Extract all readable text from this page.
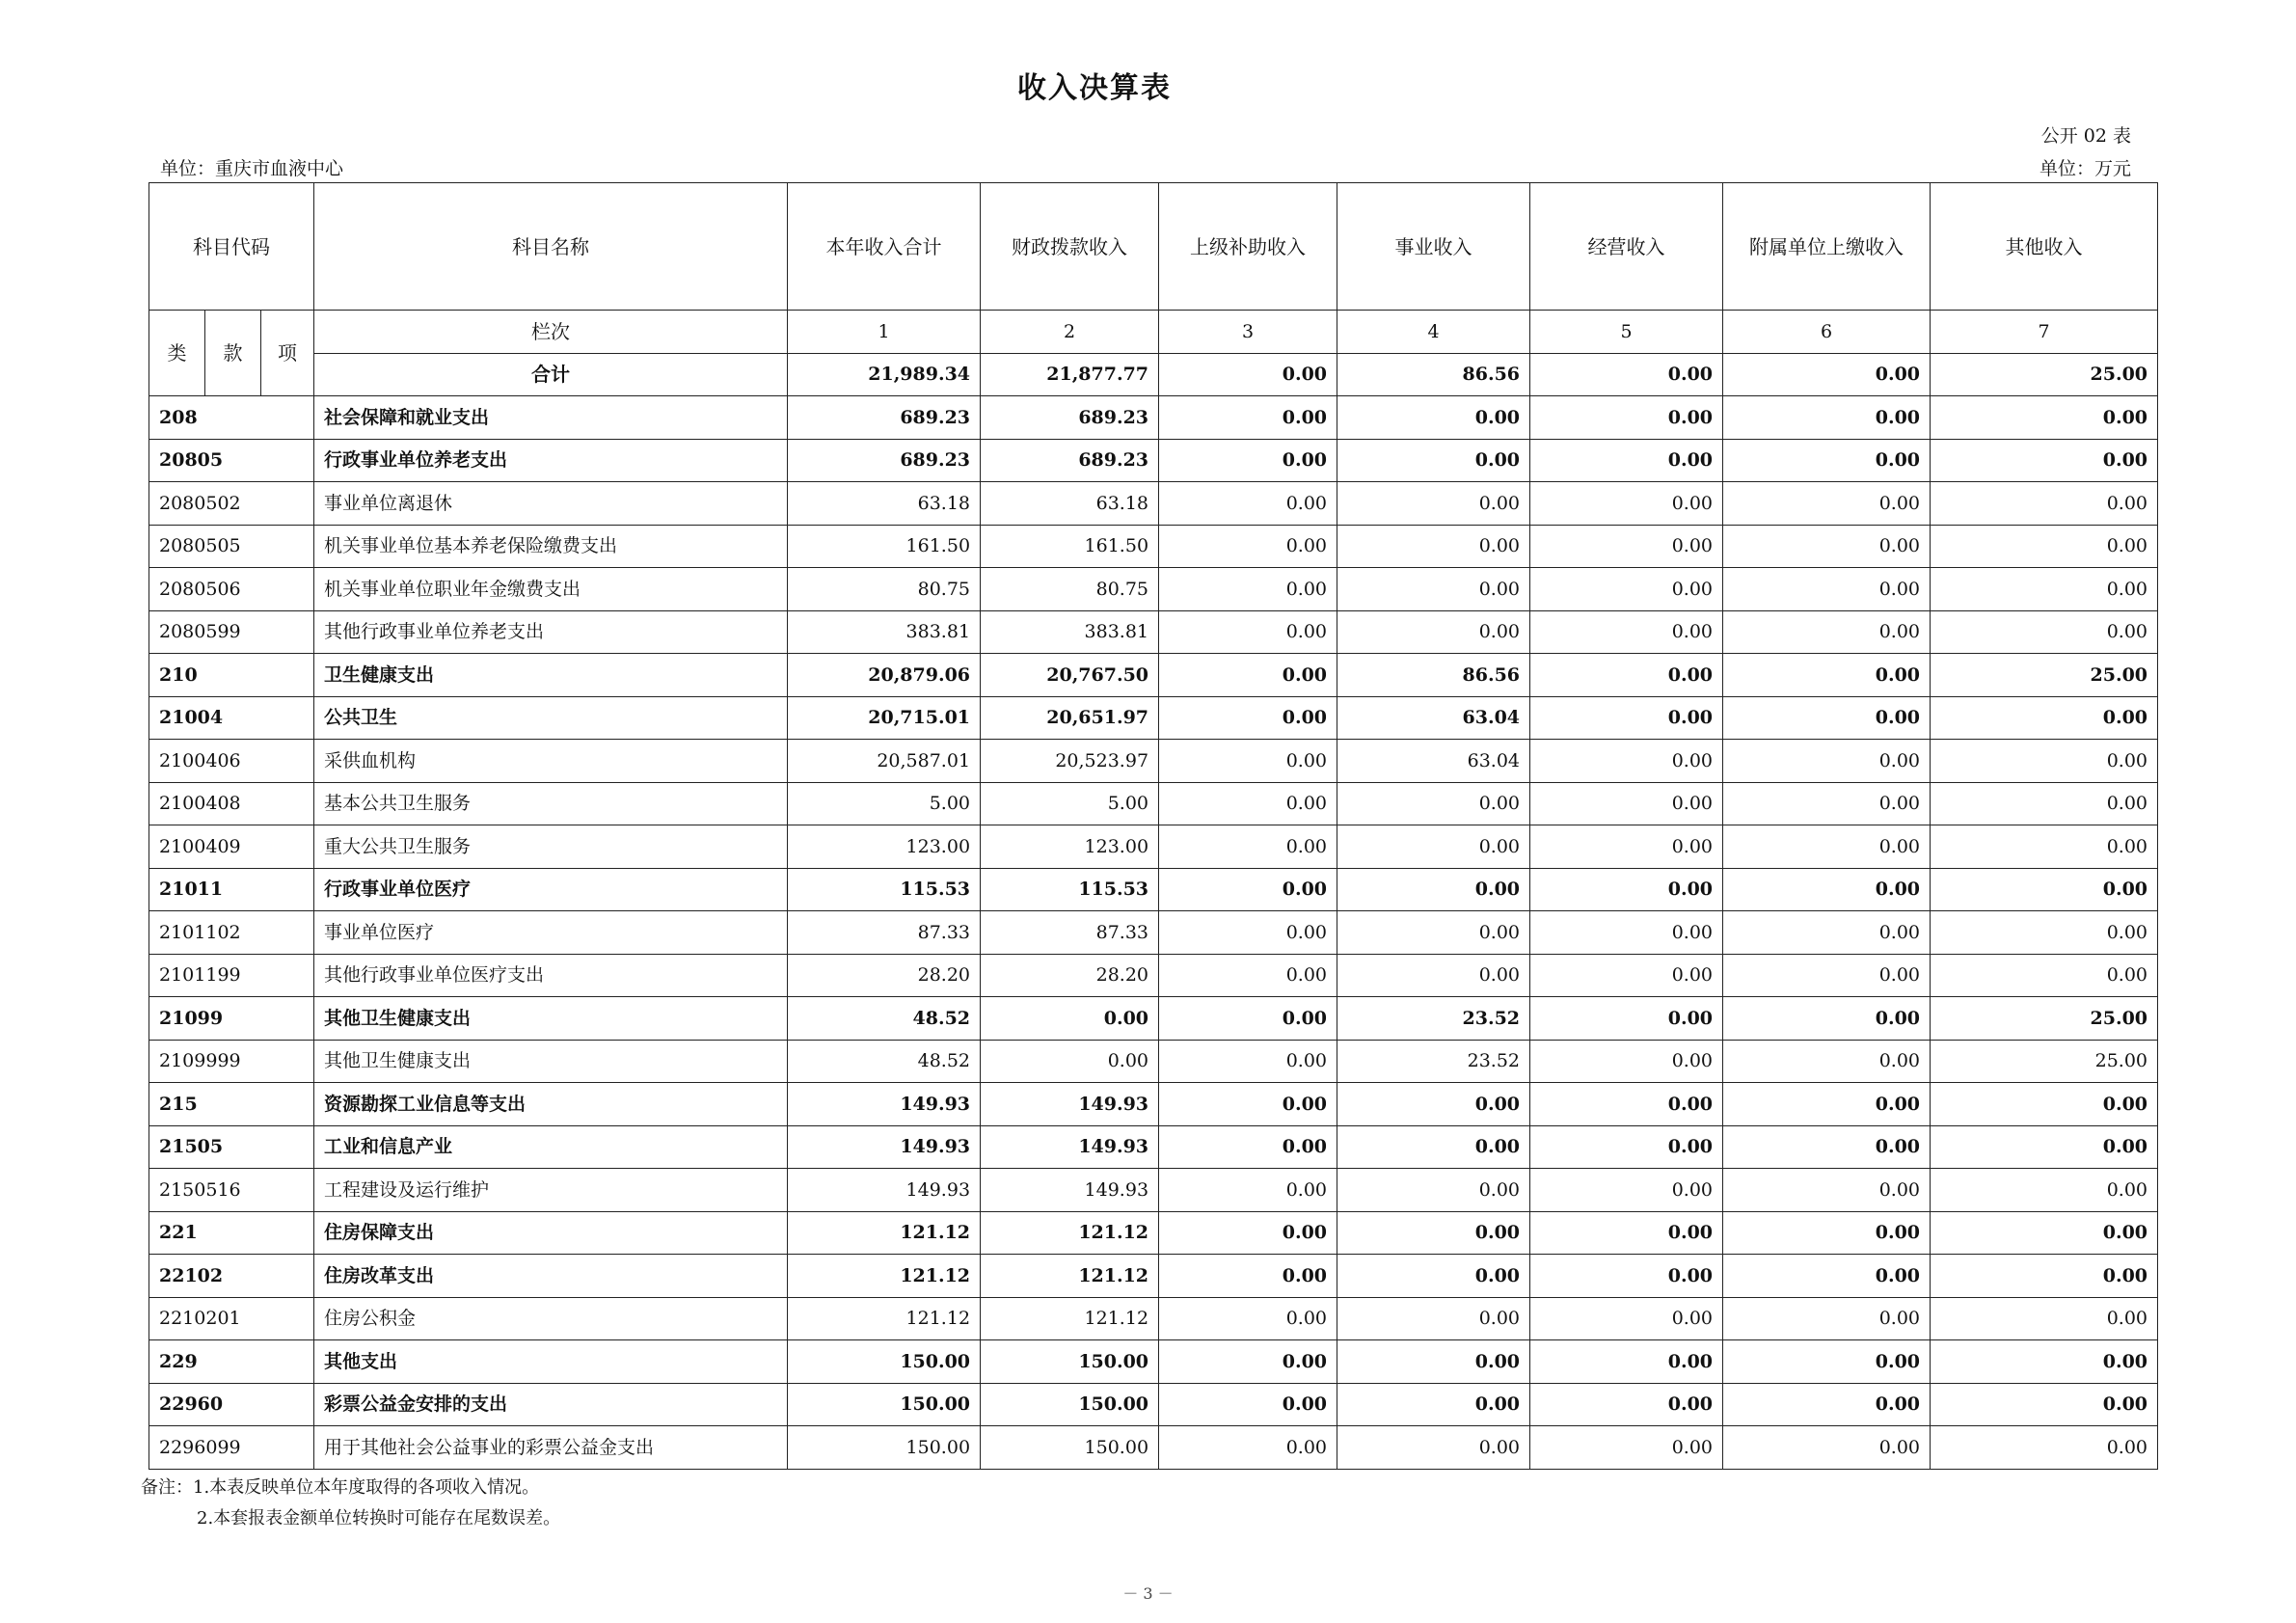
收入决算表
公开 02 表
单位：重庆市血液中心	单位：万元
科目代码			科目名称	本年收入合计	财政拨款收入	上级补助收入	事业收入	经营收入	附属单位上缴收入	其他收入
类	款	项	栏次	1	2	3	4	5	6	7
			合计	21,989.34	21,877.77	0.00	86.56	0.00	0.00	25.00
208			社会保障和就业支出	689.23	689.23	0.00	0.00	0.00	0.00	0.00
20805			行政事业单位养老支出	689.23	689.23	0.00	0.00	0.00	0.00	0.00
2080502			事业单位离退休	63.18	63.18	0.00	0.00	0.00	0.00	0.00
2080505			机关事业单位基本养老保险缴费支出	161.50	161.50	0.00	0.00	0.00	0.00	0.00
2080506			机关事业单位职业年金缴费支出	80.75	80.75	0.00	0.00	0.00	0.00	0.00
2080599			其他行政事业单位养老支出	383.81	383.81	0.00	0.00	0.00	0.00	0.00
210			卫生健康支出	20,879.06	20,767.50	0.00	86.56	0.00	0.00	25.00
21004			公共卫生	20,715.01	20,651.97	0.00	63.04	0.00	0.00	0.00
2100406			采供血机构	20,587.01	20,523.97	0.00	63.04	0.00	0.00	0.00
2100408			基本公共卫生服务	5.00	5.00	0.00	0.00	0.00	0.00	0.00
2100409			重大公共卫生服务	123.00	123.00	0.00	0.00	0.00	0.00	0.00
21011			行政事业单位医疗	115.53	115.53	0.00	0.00	0.00	0.00	0.00
2101102			事业单位医疗	87.33	87.33	0.00	0.00	0.00	0.00	0.00
2101199			其他行政事业单位医疗支出	28.20	28.20	0.00	0.00	0.00	0.00	0.00
21099			其他卫生健康支出	48.52	0.00	0.00	23.52	0.00	0.00	25.00
2109999			其他卫生健康支出	48.52	0.00	0.00	23.52	0.00	0.00	25.00
215			资源勘探工业信息等支出	149.93	149.93	0.00	0.00	0.00	0.00	0.00
21505			工业和信息产业	149.93	149.93	0.00	0.00	0.00	0.00	0.00
2150516			工程建设及运行维护	149.93	149.93	0.00	0.00	0.00	0.00	0.00
221			住房保障支出	121.12	121.12	0.00	0.00	0.00	0.00	0.00
22102			住房改革支出	121.12	121.12	0.00	0.00	0.00	0.00	0.00
2210201			住房公积金	121.12	121.12	0.00	0.00	0.00	0.00	0.00
229			其他支出	150.00	150.00	0.00	0.00	0.00	0.00	0.00
22960			彩票公益金安排的支出	150.00	150.00	0.00	0.00	0.00	0.00	0.00
2296099			用于其他社会公益事业的彩票公益金支出	150.00	150.00	0.00	0.00	0.00	0.00	0.00
备注：1.本表反映单位本年度取得的各项收入情况。
2.本套报表金额单位转换时可能存在尾数误差。
－ 3 －
